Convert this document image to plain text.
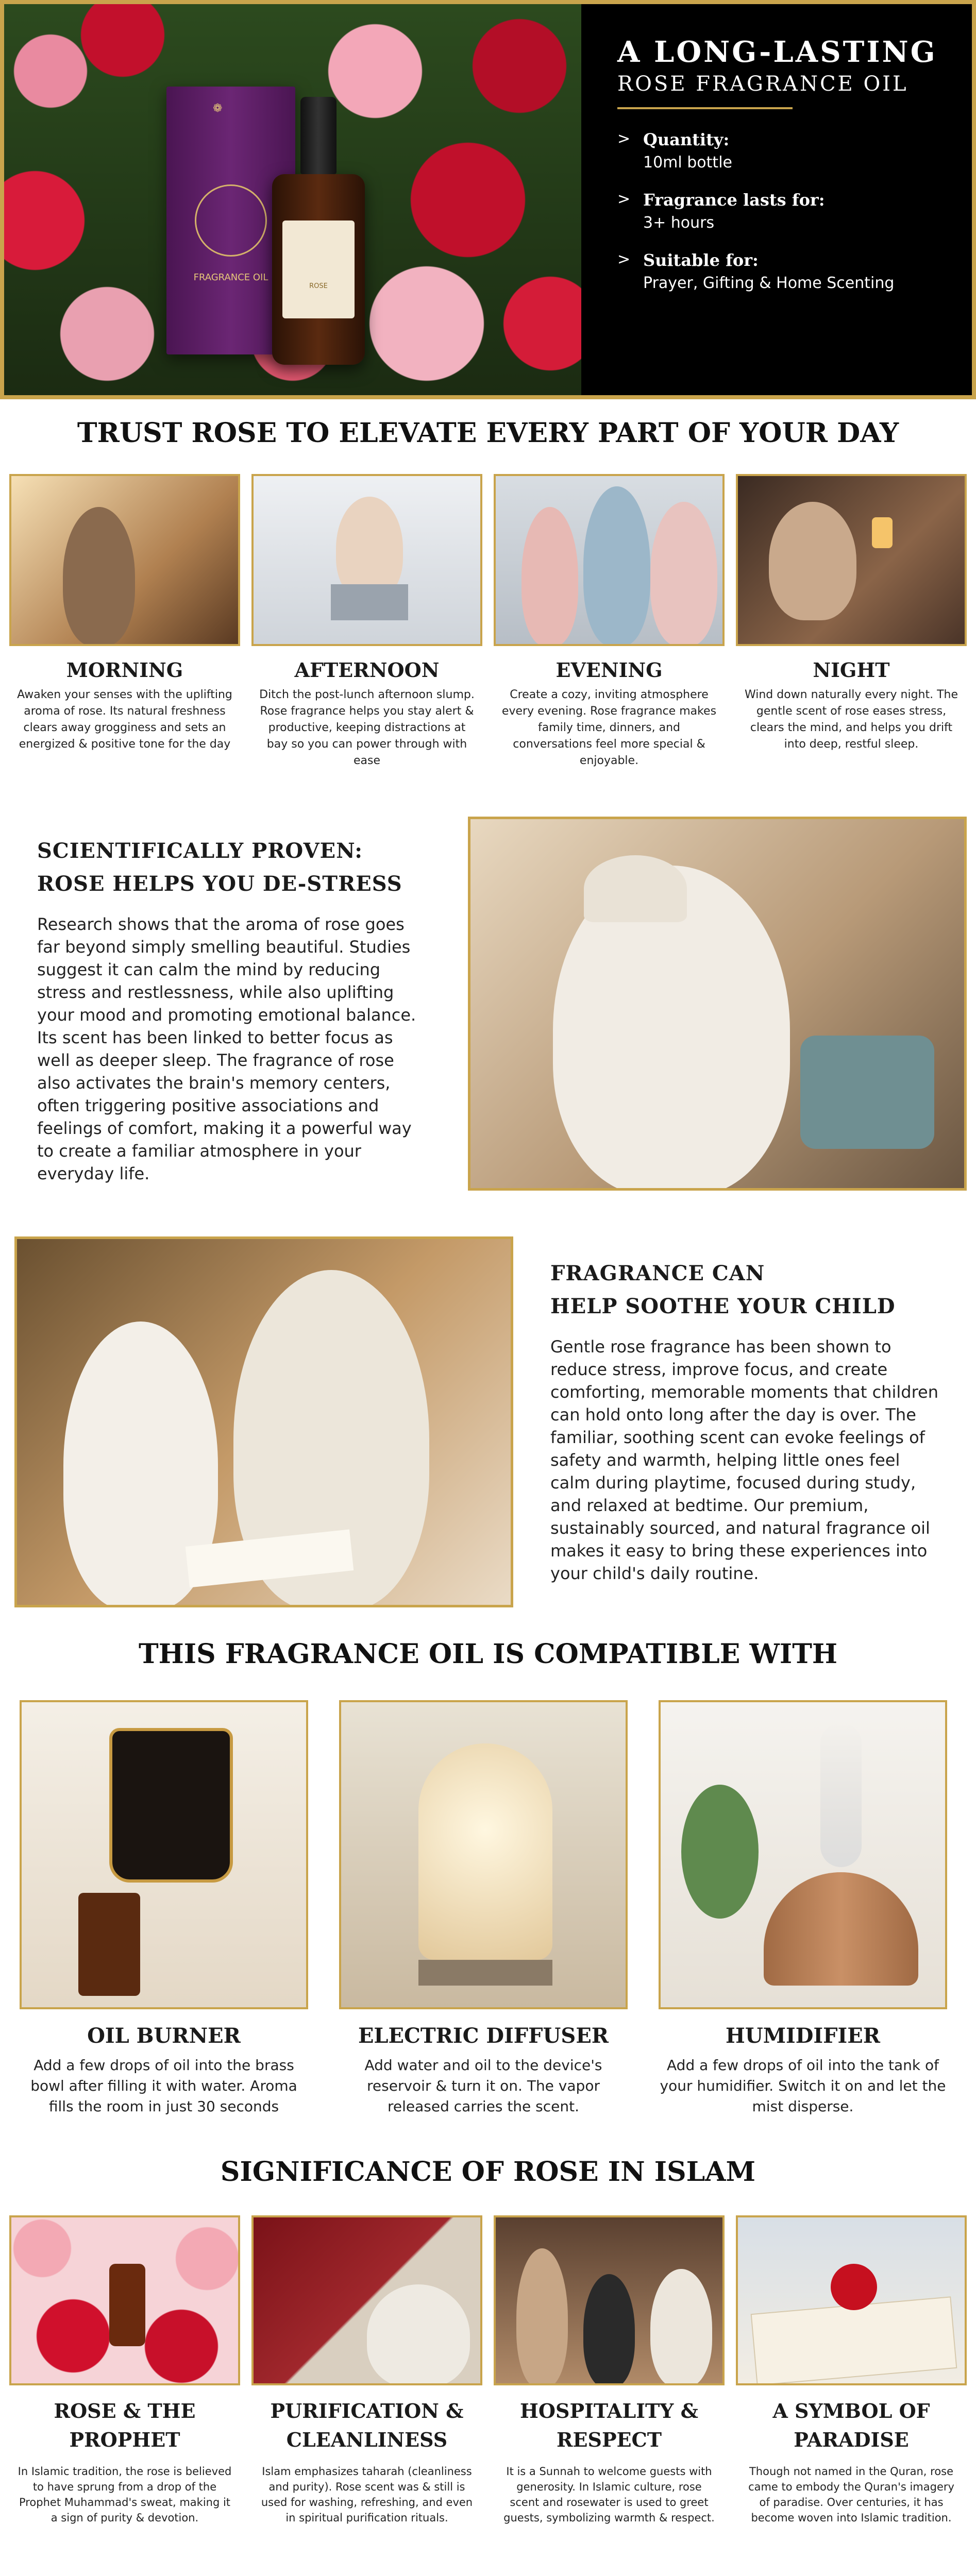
❁
FRAGRANCE OIL
ROSE
A LONG-LASTING
ROSE FRAGRANCE OIL
> Quantity:
10ml bottle
> Fragrance lasts for:
3+ hours
> Suitable for:
Prayer, Gifting & Home Scenting
TRUST ROSE TO ELEVATE EVERY PART OF YOUR DAY
MORNING
Awaken your senses with the uplifting aroma of rose. Its natural freshness clears away grogginess and sets an energized & positive tone for the day
AFTERNOON
Ditch the post-lunch afternoon slump. Rose fragrance helps you stay alert & productive, keeping distractions at bay so you can power through with ease
EVENING
Create a cozy, inviting atmosphere every evening. Rose fragrance makes family time, dinners, and conversations feel more special & enjoyable.
NIGHT
Wind down naturally every night. The gentle scent of rose eases stress, clears the mind, and helps you drift into deep, restful sleep.
SCIENTIFICALLY PROVEN:
ROSE HELPS YOU DE-STRESS

Research shows that the aroma of rose goes far beyond simply smelling beautiful. Studies suggest it can calm the mind by reducing stress and restlessness, while also uplifting your mood and promoting emotional balance. Its scent has been linked to better focus as well as deeper sleep. The fragrance of rose also activates the brain's memory centers, often triggering positive associations and feelings of comfort, making it a powerful way to create a familiar atmosphere in your everyday life.

FRAGRANCE CAN
HELP SOOTHE YOUR CHILD

Gentle rose fragrance has been shown to reduce stress, improve focus, and create comforting, memorable moments that children can hold onto long after the day is over. The familiar, soothing scent can evoke feelings of safety and warmth, helping little ones feel calm during playtime, focused during study, and relaxed at bedtime. Our premium, sustainably sourced, and natural fragrance oil makes it easy to bring these experiences into your child's daily routine.

THIS FRAGRANCE OIL IS COMPATIBLE WITH
OIL BURNER
Add a few drops of oil into the brass bowl after filling it with water. Aroma fills the room in just 30 seconds
ELECTRIC DIFFUSER
Add water and oil to the device's reservoir & turn it on. The vapor released carries the scent.
HUMIDIFIER
Add a few drops of oil into the tank of your humidifier. Switch it on and let the mist disperse.
SIGNIFICANCE OF ROSE IN ISLAM
ROSE & THE PROPHET
In Islamic tradition, the rose is believed to have sprung from a drop of the Prophet Muhammad's sweat, making it a sign of purity & devotion.
PURIFICATION & CLEANLINESS
Islam emphasizes taharah (cleanliness and purity). Rose scent was & still is used for washing, refreshing, and even in spiritual purification rituals.
HOSPITALITY & RESPECT
It is a Sunnah to welcome guests with generosity. In Islamic culture, rose scent and rosewater is used to greet guests, symbolizing warmth & respect.
A SYMBOL OF PARADISE
Though not named in the Quran, rose came to embody the Quran's imagery of paradise. Over centuries, it has become woven into Islamic tradition.
